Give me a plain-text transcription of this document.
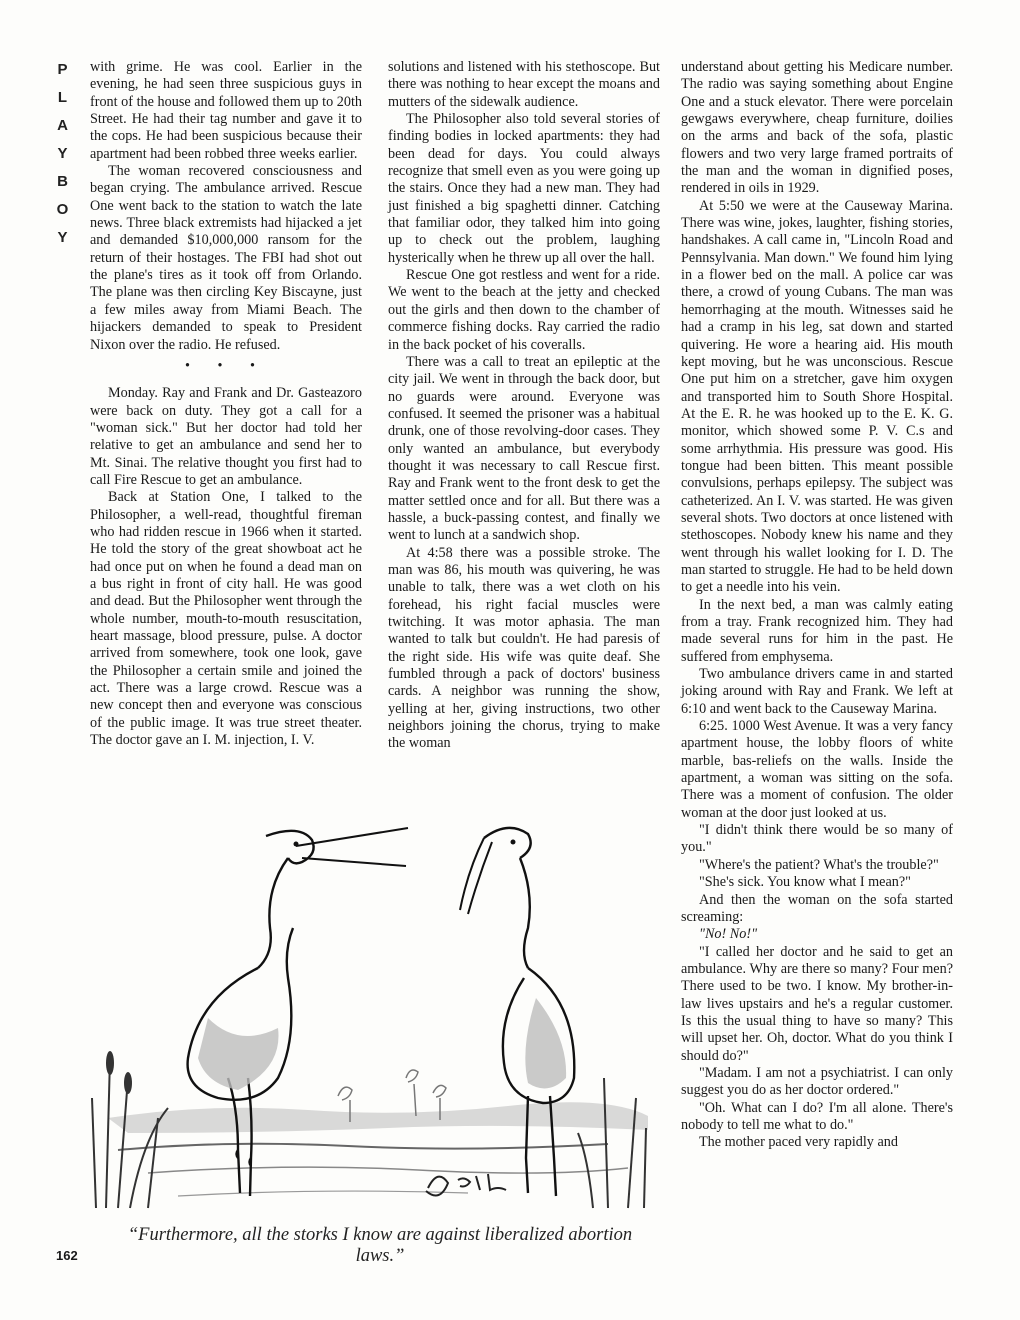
P
L
A
Y
B
O
Y

with grime. He was cool. Earlier in the evening, he had seen three suspicious guys in front of the house and followed them up to 20th Street. He had their tag number and gave it to the cops. He had been suspicious because their apartment had been robbed three weeks earlier.

The woman recovered consciousness and began crying. The ambulance arrived. Rescue One went back to the station to watch the late news. Three black extremists had hijacked a jet and demanded $10,000,000 ransom for the return of their hostages. The FBI had shot out the plane's tires as it took off from Orlando. The plane was then circling Key Biscayne, just a few miles away from Miami Beach. The hijackers demanded to speak to President Nixon over the radio. He refused.

• • •

Monday. Ray and Frank and Dr. Gasteazoro were back on duty. They got a call for a "woman sick." But her doctor had told her relative to get an ambulance and send her to Mt. Sinai. The relative thought you first had to call Fire Rescue to get an ambulance.

Back at Station One, I talked to the Philosopher, a well-read, thoughtful fireman who had ridden rescue in 1966 when it started. He told the story of the great showboat act he had once put on when he found a dead man on a bus right in front of city hall. He was good and dead. But the Philosopher went through the whole number, mouth-to-mouth resuscitation, heart massage, blood pressure, pulse. A doctor arrived from somewhere, took one look, gave the Philosopher a certain smile and joined the act. There was a large crowd. Rescue was a new concept then and everyone was conscious of the public image. It was true street theater. The doctor gave an I. M. injection, I. V.

solutions and listened with his stethoscope. But there was nothing to hear except the moans and mutters of the sidewalk audience.

The Philosopher also told several stories of finding bodies in locked apartments: they had been dead for days. You could always recognize that smell even as you were going up the stairs. Once they had a new man. They had just finished a big spaghetti dinner. Catching that familiar odor, they talked him into going up to check out the problem, laughing hysterically when he threw up all over the hall.

Rescue One got restless and went for a ride. We went to the beach at the jetty and checked out the girls and then down to the chamber of commerce fishing docks. Ray carried the radio in the back pocket of his coveralls.

There was a call to treat an epileptic at the city jail. We went in through the back door, but no guards were around. Everyone was confused. It seemed the prisoner was a habitual drunk, one of those revolving-door cases. They only wanted an ambulance, but everybody thought it was necessary to call Rescue first. Ray and Frank went to the front desk to get the matter settled once and for all. But there was a hassle, a buck-passing contest, and finally we went to lunch at a sandwich shop.

At 4:58 there was a possible stroke. The man was 86, his mouth was quivering, he was unable to talk, there was a wet cloth on his forehead, his right facial muscles were twitching. It was motor aphasia. The man wanted to talk but couldn't. He had paresis of the right side. His wife was quite deaf. She fumbled through a pack of doctors' business cards. A neighbor was running the show, yelling at her, giving instructions, two other neighbors joining the chorus, trying to make the woman

understand about getting his Medicare number. The radio was saying something about Engine One and a stuck elevator. There were porcelain gewgaws everywhere, cheap furniture, doilies on the arms and back of the sofa, plastic flowers and two very large framed portraits of the man and the woman in dignified poses, rendered in oils in 1929.

At 5:50 we were at the Causeway Marina. There was wine, jokes, laughter, fishing stories, handshakes. A call came in, "Lincoln Road and Pennsylvania. Man down." We found him lying in a flower bed on the mall. A police car was there, a crowd of young Cubans. The man was hemorrhaging at the mouth. Witnesses said he had a cramp in his leg, sat down and started quivering. He wore a hearing aid. His mouth kept moving, but he was unconscious. Rescue One put him on a stretcher, gave him oxygen and transported him to South Shore Hospital. At the E. R. he was hooked up to the E. K. G. monitor, which showed some P. V. C.s and some arrhythmia. His pressure was good. His tongue had been bitten. This meant possible convulsions, perhaps epilepsy. The subject was catheterized. An I. V. was started. He was given several shots. Two doctors at once listened with stethoscopes. Nobody knew his name and they went through his wallet looking for I. D. The man started to struggle. He had to be held down to get a needle into his vein.

In the next bed, a man was calmly eating from a tray. Frank recognized him. They had made several runs for him in the past. He suffered from emphysema.

Two ambulance drivers came in and started joking around with Ray and Frank. We left at 6:10 and went back to the Causeway Marina.

6:25. 1000 West Avenue. It was a very fancy apartment house, the lobby floors of white marble, bas-reliefs on the walls. Inside the apartment, a woman was sitting on the sofa. There was a moment of confusion. The older woman at the door just looked at us.

"I didn't think there would be so many of you."

"Where's the patient? What's the trouble?"

"She's sick. You know what I mean?"

And then the woman on the sofa started screaming:

"No! No!"

"I called her doctor and he said to get an ambulance. Why are there so many? Four men? There used to be two. I know. My brother-in-law lives upstairs and he's a regular customer. Is this the usual thing to have so many? This will upset her. Oh, doctor. What do you think I should do?"

"Madam. I am not a psychiatrist. I can only suggest you do as her doctor ordered."

"Oh. What can I do? I'm all alone. There's nobody to tell me what to do."

The mother paced very rapidly and

“Furthermore, all the storks I know are against liberalized abortion laws.”
162
